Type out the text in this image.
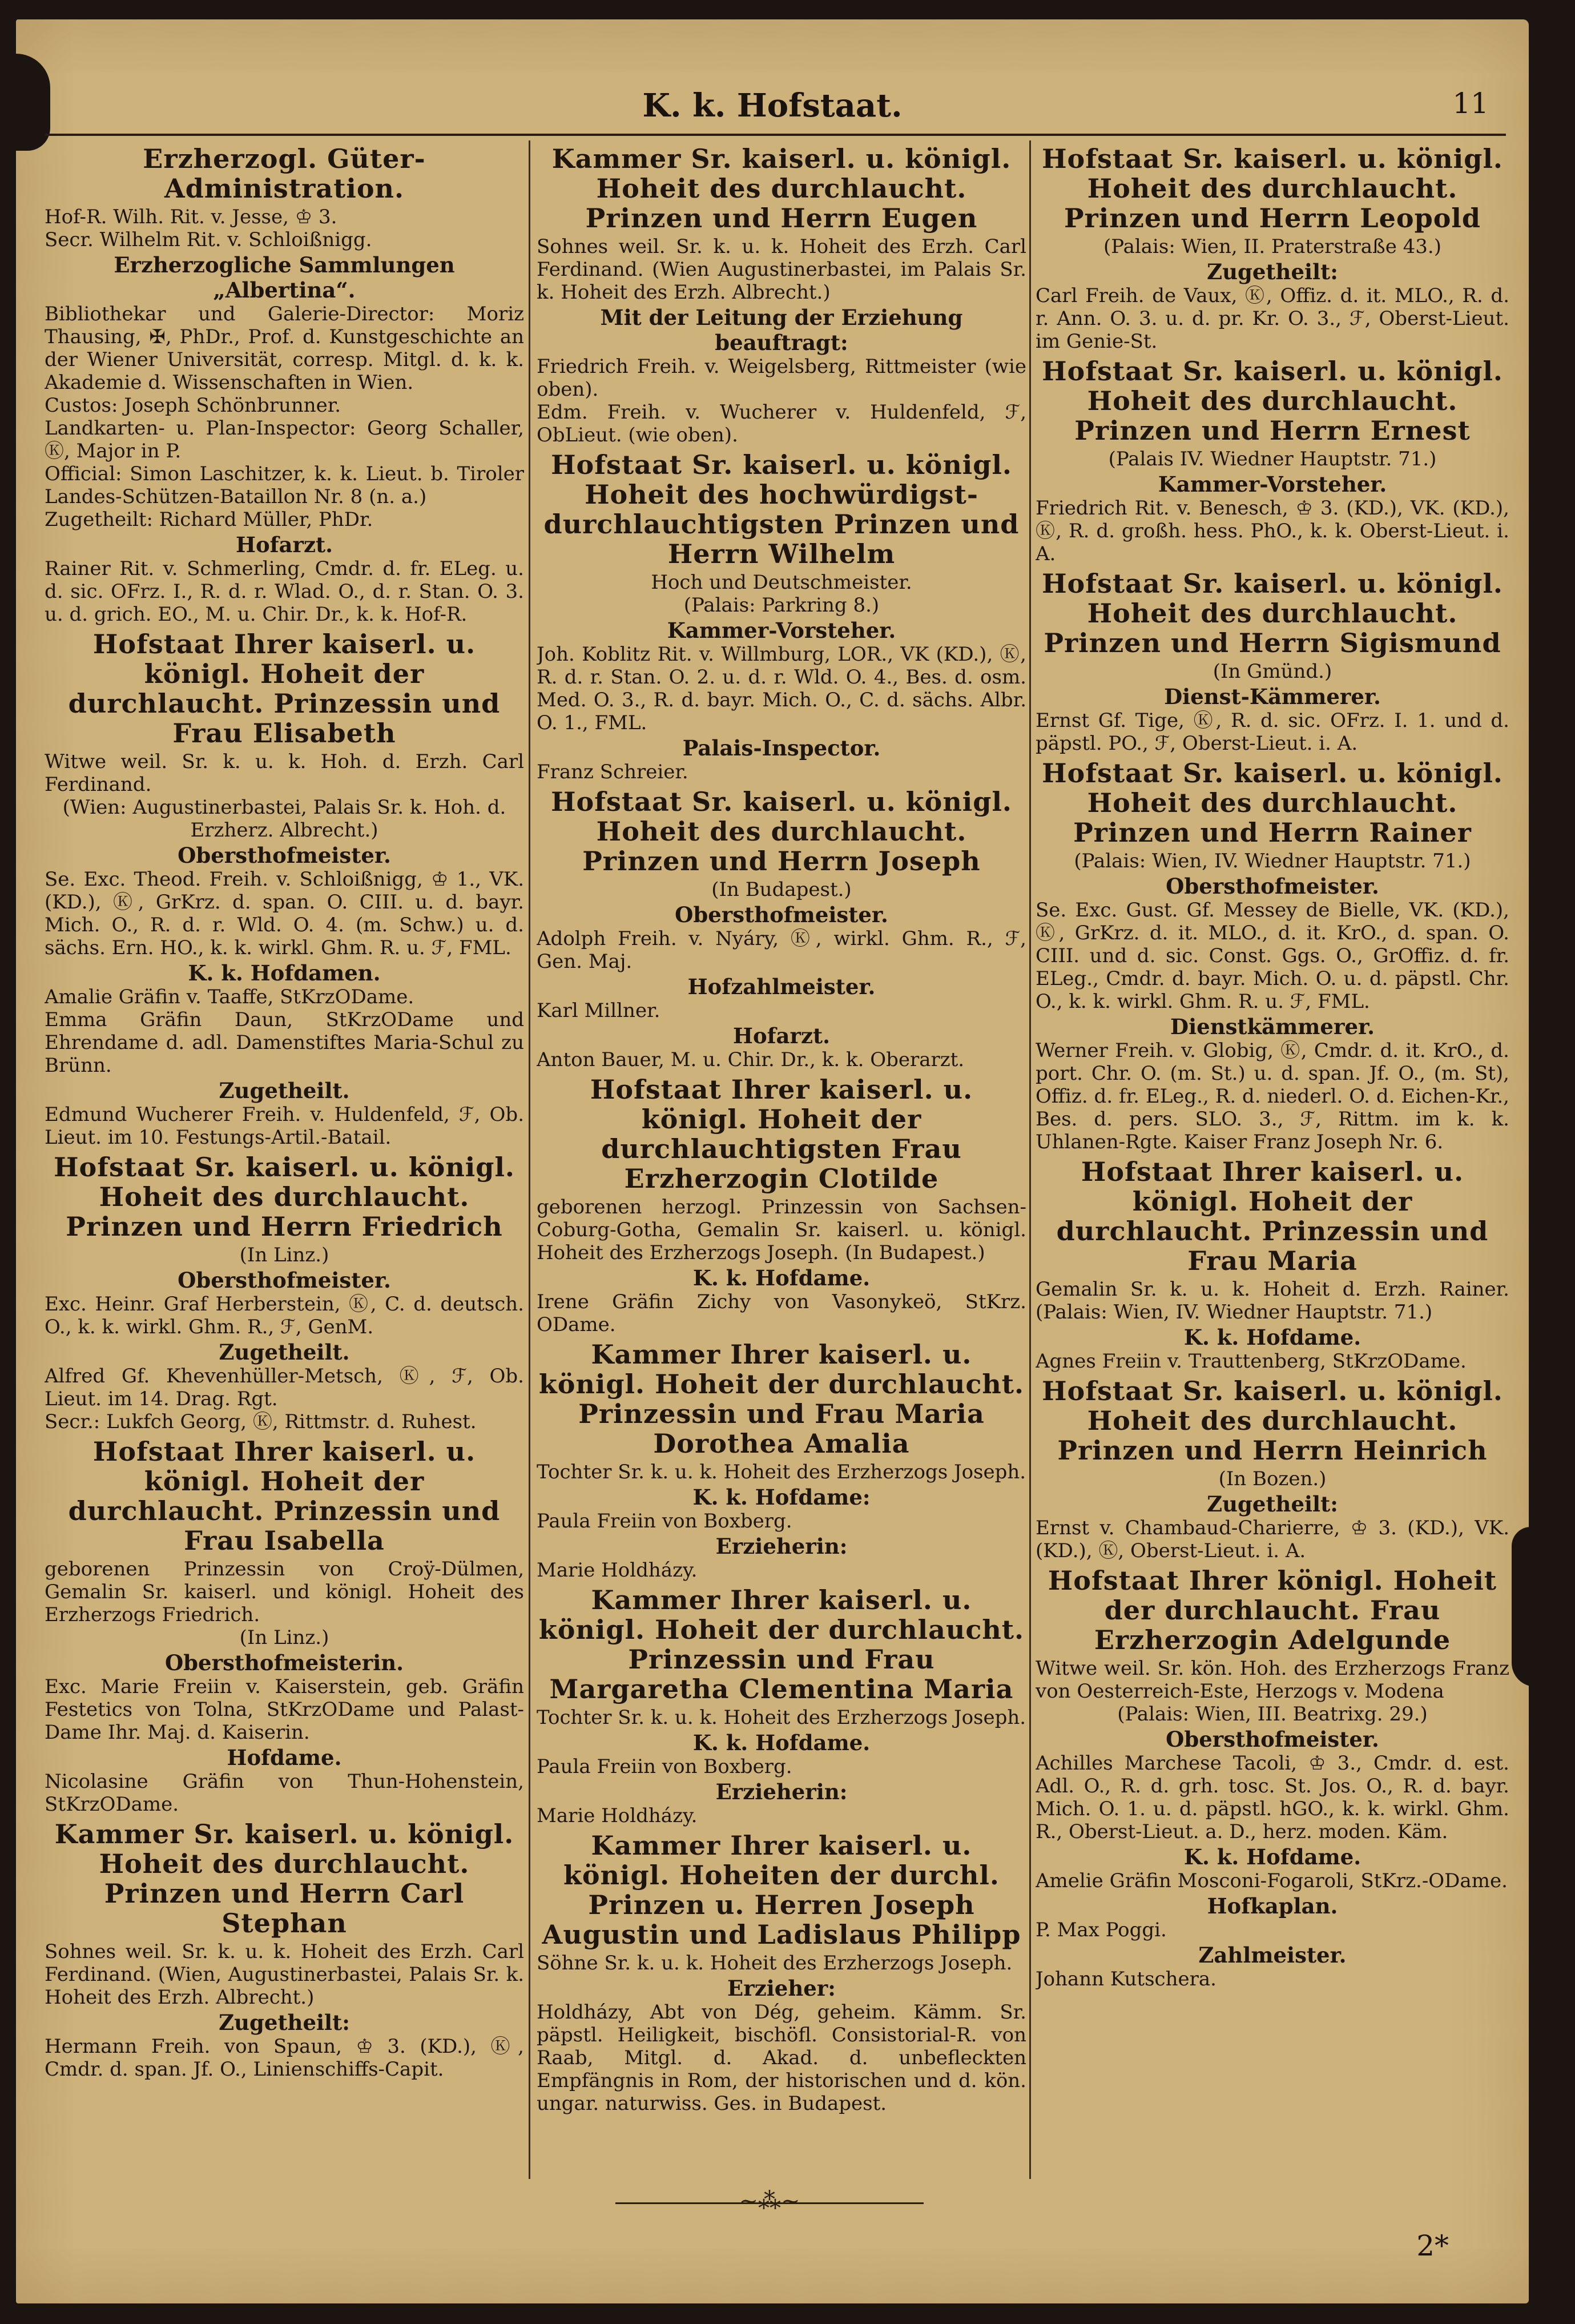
K. k. Hofstaat.	11
Erzherzogl. Güter-Administration.
Hof-R. Wilh. Rit. v. Jesse, ♔ 3.
Secr. Wilhelm Rit. v. Schloißnigg.
Erzherzogliche Sammlungen „Albertina“.
Bibliothekar und Galerie-Director: Moriz Thausing, ✠, PhDr., Prof. d. Kunstgeschichte an der Wiener Universität, corresp. Mitgl. d. k. k. Akademie d. Wissenschaften in Wien.
Custos: Joseph Schönbrunner.
Landkarten- u. Plan-Inspector: Georg Schaller, Ⓚ, Major in P.
Official: Simon Laschitzer, k. k. Lieut. b. Tiroler Landes-Schützen-Bataillon Nr. 8 (n. a.)
Zugetheilt: Richard Müller, PhDr.
Hofarzt.
Rainer Rit. v. Schmerling, Cmdr. d. fr. ELeg. u. d. sic. OFrz. I., R. d. r. Wlad. O., d. r. Stan. O. 3. u. d. grich. EO., M. u. Chir. Dr., k. k. Hof-R.
Hofstaat Ihrer kaiserl. u. königl. Hoheit der durchlaucht. Prinzessin und Frau Elisabeth
Witwe weil. Sr. k. u. k. Hoh. d. Erzh. Carl Ferdinand.
(Wien: Augustinerbastei, Palais Sr. k. Hoh. d. Erzherz. Albrecht.)
Obersthofmeister.
Se. Exc. Theod. Freih. v. Schloißnigg, ♔ 1., VK. (KD.), Ⓚ, GrKrz. d. span. O. CIII. u. d. bayr. Mich. O., R. d. r. Wld. O. 4. (m. Schw.) u. d. sächs. Ern. HO., k. k. wirkl. Ghm. R. u. ℱ, FML.
K. k. Hofdamen.
Amalie Gräfin v. Taaffe, StKrzODame.
Emma Gräfin Daun, StKrzODame und Ehrendame d. adl. Damenstiftes Maria-Schul zu Brünn.
Zugetheilt.
Edmund Wucherer Freih. v. Huldenfeld, ℱ, Ob. Lieut. im 10. Festungs-Artil.-Batail.
Hofstaat Sr. kaiserl. u. königl. Hoheit des durchlaucht. Prinzen und Herrn Friedrich
(In Linz.)
Obersthofmeister.
Exc. Heinr. Graf Herberstein, Ⓚ, C. d. deutsch. O., k. k. wirkl. Ghm. R., ℱ, GenM.
Zugetheilt.
Alfred Gf. Khevenhüller-Metsch, Ⓚ, ℱ, Ob. Lieut. im 14. Drag. Rgt.
Secr.: Lukfch Georg, Ⓚ, Rittmstr. d. Ruhest.
Hofstaat Ihrer kaiserl. u. königl. Hoheit der durchlaucht. Prinzessin und Frau Isabella
geborenen Prinzessin von Croÿ-Dülmen, Gemalin Sr. kaiserl. und königl. Hoheit des Erzherzogs Friedrich.
(In Linz.)
Obersthofmeisterin.
Exc. Marie Freiin v. Kaiserstein, geb. Gräfin Festetics von Tolna, StKrzODame und Palast-Dame Ihr. Maj. d. Kaiserin.
Hofdame.
Nicolasine Gräfin von Thun-Hohenstein, StKrzODame.
Kammer Sr. kaiserl. u. königl. Hoheit des durchlaucht. Prinzen und Herrn Carl Stephan
Sohnes weil. Sr. k. u. k. Hoheit des Erzh. Carl Ferdinand. (Wien, Augustinerbastei, Palais Sr. k. Hoheit des Erzh. Albrecht.)
Zugetheilt:
Hermann Freih. von Spaun, ♔ 3. (KD.), Ⓚ, Cmdr. d. span. Jf. O., Linienschiffs-Capit.
Kammer Sr. kaiserl. u. königl. Hoheit des durchlaucht. Prinzen und Herrn Eugen
Sohnes weil. Sr. k. u. k. Hoheit des Erzh. Carl Ferdinand. (Wien Augustinerbastei, im Palais Sr. k. Hoheit des Erzh. Albrecht.)
Mit der Leitung der Erziehung beauftragt:
Friedrich Freih. v. Weigelsberg, Rittmeister (wie oben).
Edm. Freih. v. Wucherer v. Huldenfeld, ℱ, ObLieut. (wie oben).
Hofstaat Sr. kaiserl. u. königl. Hoheit des hochwürdigst-durchlauchtigsten Prinzen und Herrn Wilhelm
Hoch und Deutschmeister.
(Palais: Parkring 8.)
Kammer-Vorsteher.
Joh. Koblitz Rit. v. Willmburg, LOR., VK (KD.), Ⓚ, R. d. r. Stan. O. 2. u. d. r. Wld. O. 4., Bes. d. osm. Med. O. 3., R. d. bayr. Mich. O., C. d. sächs. Albr. O. 1., FML.
Palais-Inspector.
Franz Schreier.
Hofstaat Sr. kaiserl. u. königl. Hoheit des durchlaucht. Prinzen und Herrn Joseph
(In Budapest.)
Obersthofmeister.
Adolph Freih. v. Nyáry, Ⓚ, wirkl. Ghm. R., ℱ, Gen. Maj.
Hofzahlmeister.
Karl Millner.
Hofarzt.
Anton Bauer, M. u. Chir. Dr., k. k. Oberarzt.
Hofstaat Ihrer kaiserl. u. königl. Hoheit der durchlauchtigsten Frau Erzherzogin Clotilde
geborenen herzogl. Prinzessin von Sachsen-Coburg-Gotha, Gemalin Sr. kaiserl. u. königl. Hoheit des Erzherzogs Joseph. (In Budapest.)
K. k. Hofdame.
Irene Gräfin Zichy von Vasonykeö, StKrz. ODame.
Kammer Ihrer kaiserl. u. königl. Hoheit der durchlaucht. Prinzessin und Frau Maria Dorothea Amalia
Tochter Sr. k. u. k. Hoheit des Erzherzogs Joseph.
K. k. Hofdame:
Paula Freiin von Boxberg.
Erzieherin:
Marie Holdházy.
Kammer Ihrer kaiserl. u. königl. Hoheit der durchlaucht. Prinzessin und Frau Margaretha Clementina Maria
Tochter Sr. k. u. k. Hoheit des Erzherzogs Joseph.
K. k. Hofdame.
Paula Freiin von Boxberg.
Erzieherin:
Marie Holdházy.
Kammer Ihrer kaiserl. u. königl. Hoheiten der durchl. Prinzen u. Herren Joseph Augustin und Ladislaus Philipp
Söhne Sr. k. u. k. Hoheit des Erzherzogs Joseph.
Erzieher:
Holdházy, Abt von Dég, geheim. Kämm. Sr. päpstl. Heiligkeit, bischöfl. Consistorial-R. von Raab, Mitgl. d. Akad. d. unbefleckten Empfängnis in Rom, der historischen und d. kön. ungar. naturwiss. Ges. in Budapest.
Hofstaat Sr. kaiserl. u. königl. Hoheit des durchlaucht. Prinzen und Herrn Leopold
(Palais: Wien, II. Praterstraße 43.)
Zugetheilt:
Carl Freih. de Vaux, Ⓚ, Offiz. d. it. MLO., R. d. r. Ann. O. 3. u. d. pr. Kr. O. 3., ℱ, Oberst-Lieut. im Genie-St.
Hofstaat Sr. kaiserl. u. königl. Hoheit des durchlaucht. Prinzen und Herrn Ernest
(Palais IV. Wiedner Hauptstr. 71.)
Kammer-Vorsteher.
Friedrich Rit. v. Benesch, ♔ 3. (KD.), VK. (KD.), Ⓚ, R. d. großh. hess. PhO., k. k. Oberst-Lieut. i. A.
Hofstaat Sr. kaiserl. u. königl. Hoheit des durchlaucht. Prinzen und Herrn Sigismund
(In Gmünd.)
Dienst-Kämmerer.
Ernst Gf. Tige, Ⓚ, R. d. sic. OFrz. I. 1. und d. päpstl. PO., ℱ, Oberst-Lieut. i. A.
Hofstaat Sr. kaiserl. u. königl. Hoheit des durchlaucht. Prinzen und Herrn Rainer
(Palais: Wien, IV. Wiedner Hauptstr. 71.)
Obersthofmeister.
Se. Exc. Gust. Gf. Messey de Bielle, VK. (KD.), Ⓚ, GrKrz. d. it. MLO., d. it. KrO., d. span. O. CIII. und d. sic. Const. Ggs. O., GrOffiz. d. fr. ELeg., Cmdr. d. bayr. Mich. O. u. d. päpstl. Chr. O., k. k. wirkl. Ghm. R. u. ℱ, FML.
Dienstkämmerer.
Werner Freih. v. Globig, Ⓚ, Cmdr. d. it. KrO., d. port. Chr. O. (m. St.) u. d. span. Jf. O., (m. St), Offiz. d. fr. ELeg., R. d. niederl. O. d. Eichen-Kr., Bes. d. pers. SLO. 3., ℱ, Rittm. im k. k. Uhlanen-Rgte. Kaiser Franz Joseph Nr. 6.
Hofstaat Ihrer kaiserl. u. königl. Hoheit der durchlaucht. Prinzessin und Frau Maria
Gemalin Sr. k. u. k. Hoheit d. Erzh. Rainer. (Palais: Wien, IV. Wiedner Hauptstr. 71.)
K. k. Hofdame.
Agnes Freiin v. Trauttenberg, StKrzODame.
Hofstaat Sr. kaiserl. u. königl. Hoheit des durchlaucht. Prinzen und Herrn Heinrich
(In Bozen.)
Zugetheilt:
Ernst v. Chambaud-Charierre, ♔ 3. (KD.), VK. (KD.), Ⓚ, Oberst-Lieut. i. A.
Hofstaat Ihrer königl. Hoheit der durchlaucht. Frau Erzherzogin Adelgunde
Witwe weil. Sr. kön. Hoh. des Erzherzogs Franz von Oesterreich-Este, Herzogs v. Modena
(Palais: Wien, III. Beatrixg. 29.)
Obersthofmeister.
Achilles Marchese Tacoli, ♔ 3., Cmdr. d. est. Adl. O., R. d. grh. tosc. St. Jos. O., R. d. bayr. Mich. O. 1. u. d. päpstl. hGO., k. k. wirkl. Ghm. R., Oberst-Lieut. a. D., herz. moden. Käm.
K. k. Hofdame.
Amelie Gräfin Mosconi-Fogaroli, StKrz.-ODame.
Hofkaplan.
P. Max Poggi.
Zahlmeister.
Johann Kutschera.
~⁂~
2*
